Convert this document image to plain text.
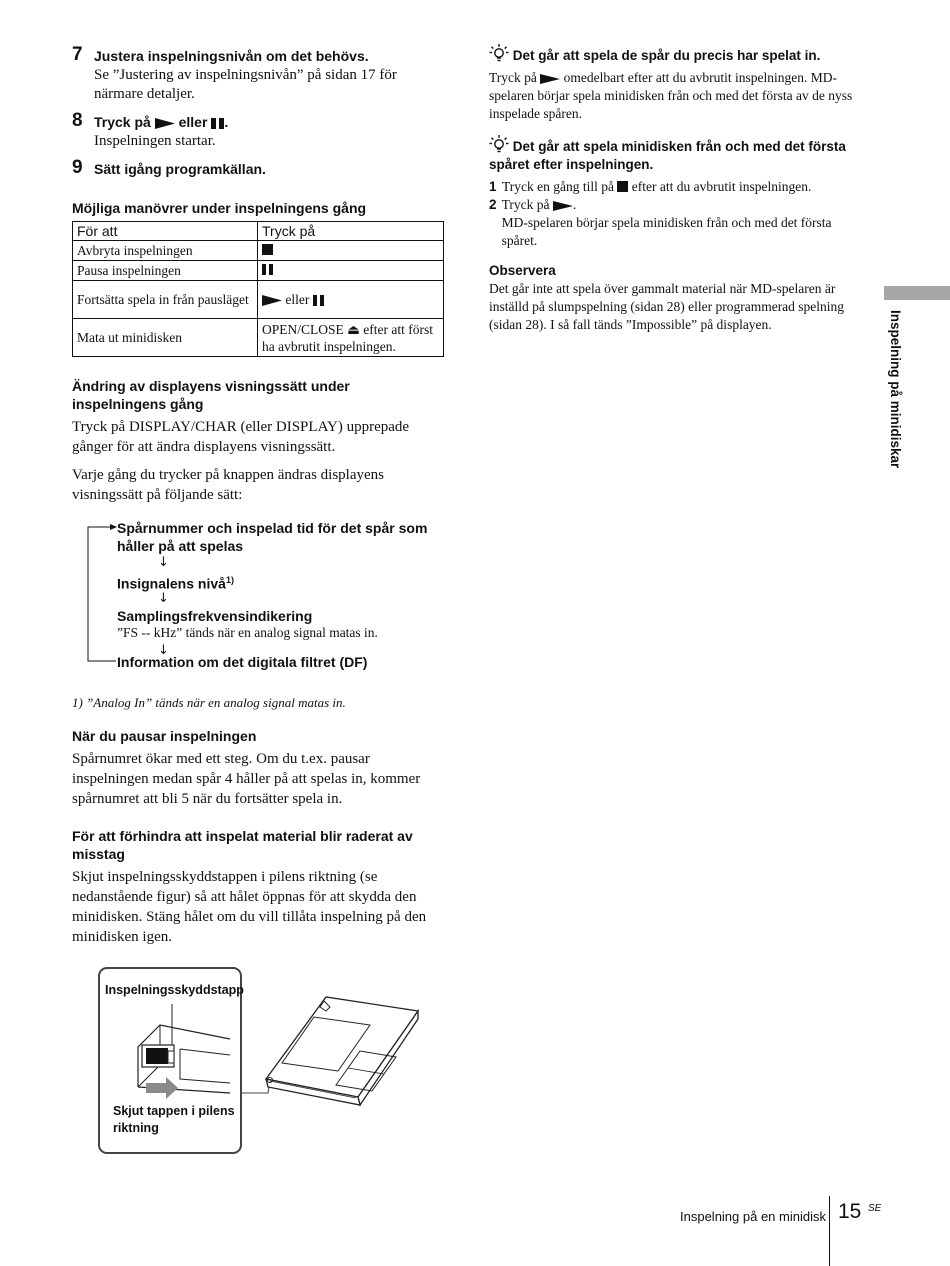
7 Justera inspelningsnivån om det behövs.
Se ”Justering av inspelningsnivån” på sidan 17 för närmare detaljer.
8 Tryck på eller .
Inspelningen startar.
9 Sätt igång programkällan.
Möjliga manövrer under inspelningens gång
För att	Tryck på
Avbryta inspelningen	
Pausa inspelningen	
Fortsätta spela in från pausläget	eller
Mata ut minidisken	OPEN/CLOSE ⏏ efter att först ha avbrutit inspelningen.
Ändring av displayens visningssätt under inspelningens gång

Tryck på DISPLAY/CHAR (eller DISPLAY) upprepade gånger för att ändra displayens visningssätt.

Varje gång du trycker på knappen ändras displayens visningssätt på följande sätt:

Spårnummer och inspelad tid för det spår som håller på att spelas
↓
Insignalens nivå$^{1)}$
↓
Samplingsfrekvensindikering
”FS -- kHz” tänds när en analog signal matas in.
↓
Information om det digitala filtret (DF)
1) ”Analog In” tänds när en analog signal matas in.
När du pausar inspelningen

Spårnumret ökar med ett steg. Om du t.ex. pausar inspelningen medan spår 4 håller på att spelas in, kommer spårnumret att bli 5 när du fortsätter spela in.

För att förhindra att inspelat material blir raderat av misstag

Skjut inspelningsskyddstappen i pilens riktning (se nedanstående figur) så att hålet öppnas för att skydda den minidisken. Stäng hålet om du vill tillåta inspelning på den minidisken igen.

Inspelningsskyddstapp
Skjut tappen i pilens riktning
Det går att spela de spår du precis har spelat in.
Tryck på omedelbart efter att du avbrutit inspelningen. MD-spelaren börjar spela minidisken från och med det första av de nyss inspelade spåren.
Det går att spela minidisken från och med det första spåret efter inspelningen.
1 Tryck en gång till på efter att du avbrutit inspelningen.
2 Tryck på .
MD-spelaren börjar spela minidisken från och med det första spåret.
Observera
Det går inte att spela över gammalt material när MD-spelaren är inställd på slumpspelning (sidan 28) eller programmerad spelning (sidan 28). I så fall tänds ”Impossible” på displayen.	Inspelning på minidiskar
Inspelning på en minidisk 15 SE
